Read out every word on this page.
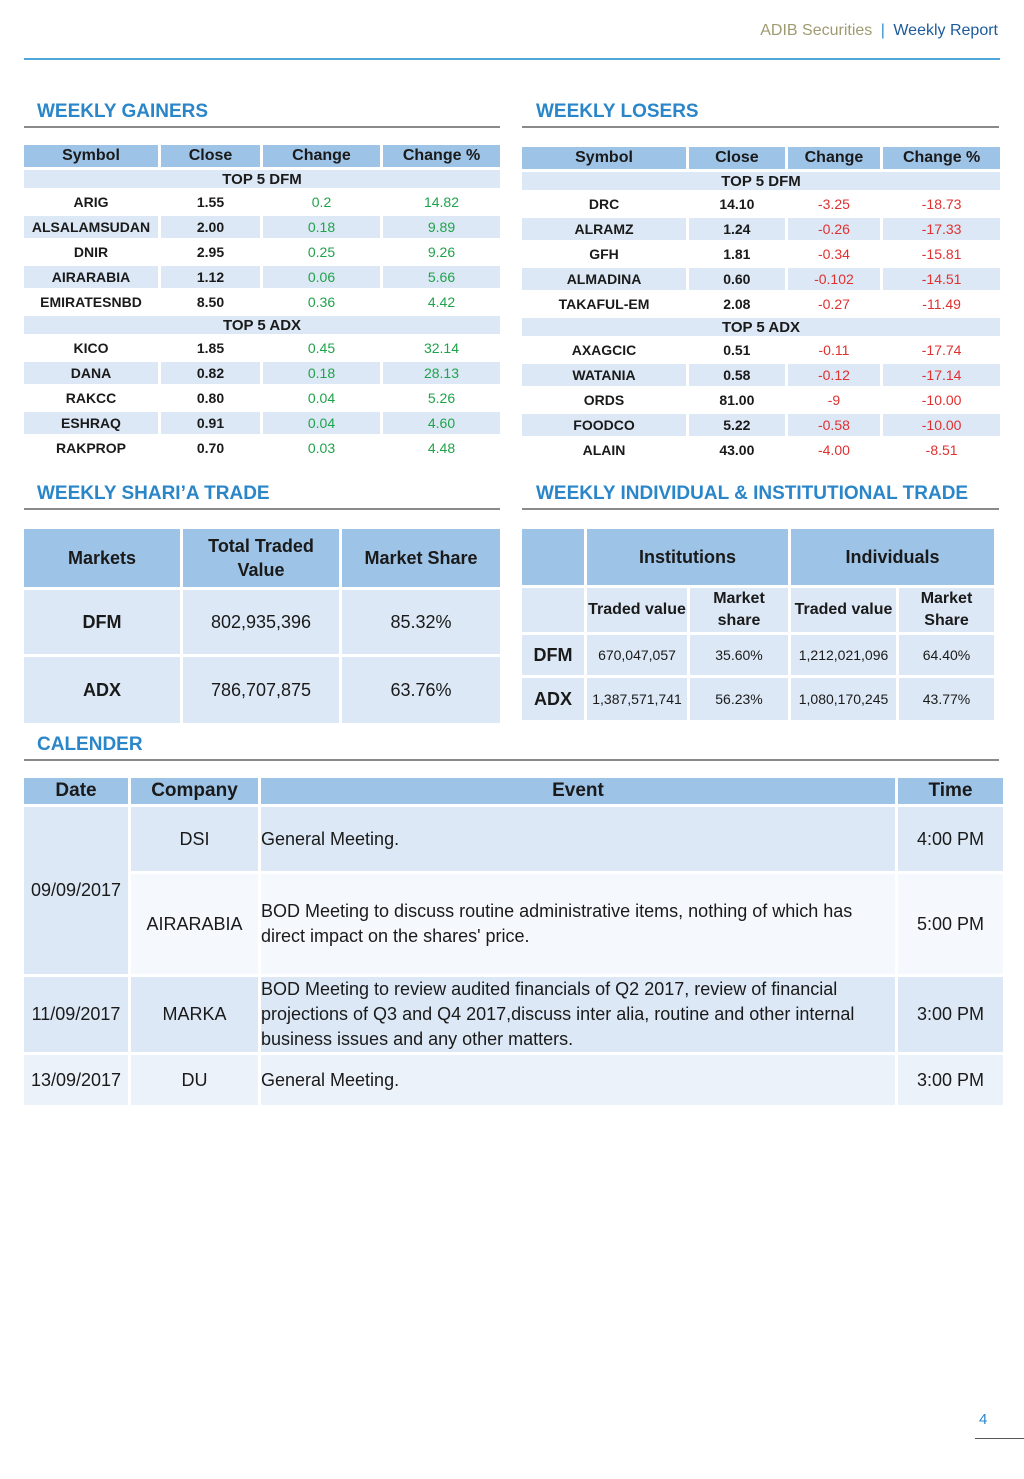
ADIB Securities | Weekly Report
WEEKLY GAINERS
Symbol	Close	Change	Change %
TOP 5 DFM			
ARIG	1.55	0.2	14.82
ALSALAMSUDAN	2.00	0.18	9.89
DNIR	2.95	0.25	9.26
AIRARABIA	1.12	0.06	5.66
EMIRATESNBD	8.50	0.36	4.42
TOP 5 ADX			
KICO	1.85	0.45	32.14
DANA	0.82	0.18	28.13
RAKCC	0.80	0.04	5.26
ESHRAQ	0.91	0.04	4.60
RAKPROP	0.70	0.03	4.48
WEEKLY LOSERS
Symbol	Close	Change	Change %
TOP 5 DFM			
DRC	14.10	-3.25	-18.73
ALRAMZ	1.24	-0.26	-17.33
GFH	1.81	-0.34	-15.81
ALMADINA	0.60	-0.102	-14.51
TAKAFUL-EM	2.08	-0.27	-11.49
TOP 5 ADX			
AXAGCIC	0.51	-0.11	-17.74
WATANIA	0.58	-0.12	-17.14
ORDS	81.00	-9	-10.00
FOODCO	5.22	-0.58	-10.00
ALAIN	43.00	-4.00	-8.51
WEEKLY SHARI’A TRADE
Markets	Total Traded Value	Market Share
DFM	802,935,396	85.32%
ADX	786,707,875	63.76%
WEEKLY INDIVIDUAL & INSTITUTIONAL TRADE
	Institutions		Individuals	
	Traded value	Market share	Traded value	Market Share
DFM	670,047,057	35.60%	1,212,021,096	64.40%
ADX	1,387,571,741	56.23%	1,080,170,245	43.77%
CALENDER
Date	Company	Event	Time
09/09/2017	DSI	General Meeting.	4:00 PM
	AIRARABIA	BOD Meeting to discuss routine administrative items, nothing of which has direct impact on the shares' price.	5:00 PM
11/09/2017	MARKA	BOD Meeting to review audited financials of Q2 2017, review of financial projections of Q3 and Q4 2017,discuss inter alia, routine and other internal business issues and any other matters.	3:00 PM
13/09/2017	DU	General Meeting.	3:00 PM
4
